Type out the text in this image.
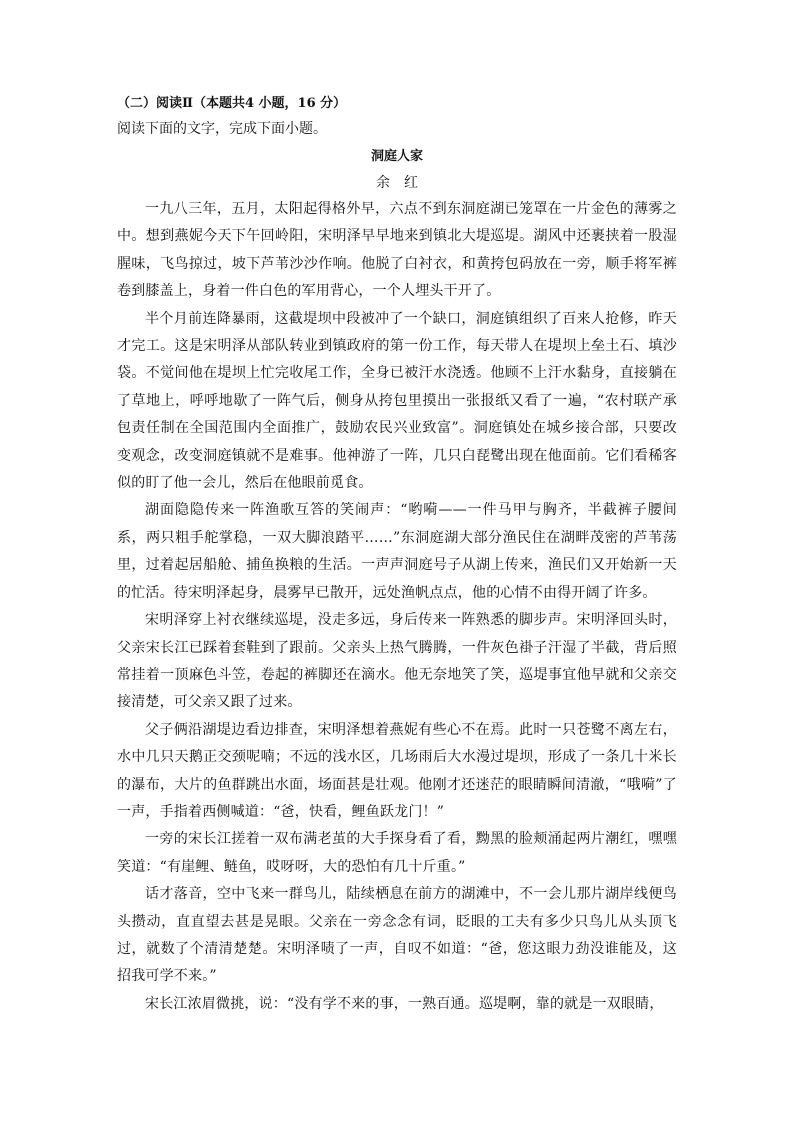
（二）阅读Ⅱ（本题共4 小题，16 分）
阅读下面的文字，完成下面小题。
洞庭人家
余红

一九八三年，五月，太阳起得格外早，六点不到东洞庭湖已笼罩在一片金色的薄雾之中。想到燕妮今天下午回岭阳，宋明泽早早地来到镇北大堤巡堤。湖风中还裹挟着一股湿腥味，飞鸟掠过，坡下芦苇沙沙作响。他脱了白衬衣，和黄挎包码放在一旁，顺手将军裤卷到膝盖上，身着一件白色的军用背心，一个人埋头干开了。

半个月前连降暴雨，这截堤坝中段被冲了一个缺口，洞庭镇组织了百来人抢修，昨天才完工。这是宋明泽从部队转业到镇政府的第一份工作，每天带人在堤坝上垒土石、填沙袋。不觉间他在堤坝上忙完收尾工作，全身已被汗水浇透。他顾不上汗水黏身，直接躺在了草地上，呼呼地歇了一阵气后，侧身从挎包里摸出一张报纸又看了一遍，“农村联产承包责任制在全国范围内全面推广，鼓励农民兴业致富”。洞庭镇处在城乡接合部，只要改变观念，改变洞庭镇就不是难事。他神游了一阵，几只白琵鹭出现在他面前。它们看稀客似的盯了他一会儿，然后在他眼前觅食。

湖面隐隐传来一阵渔歌互答的笑闹声：“哟嗬——一件马甲与胸齐，半截裤子腰间系，两只粗手舵掌稳，一双大脚浪踏平……”东洞庭湖大部分渔民住在湖畔茂密的芦苇荡里，过着起居船舱、捕鱼换粮的生活。一声声洞庭号子从湖上传来，渔民们又开始新一天的忙活。待宋明泽起身，晨雾早已散开，远处渔帆点点，他的心情不由得开阔了许多。

宋明泽穿上衬衣继续巡堤，没走多远，身后传来一阵熟悉的脚步声。宋明泽回头时，父亲宋长江已踩着套鞋到了跟前。父亲头上热气腾腾，一件灰色褂子汗湿了半截，背后照常挂着一顶麻色斗笠，卷起的裤脚还在滴水。他无奈地笑了笑，巡堤事宜他早就和父亲交接清楚，可父亲又跟了过来。

父子俩沿湖堤边看边排查，宋明泽想着燕妮有些心不在焉。此时一只苍鹭不离左右，水中几只天鹅正交颈呢喃；不远的浅水区，几场雨后大水漫过堤坝，形成了一条几十米长的瀑布，大片的鱼群跳出水面，场面甚是壮观。他刚才还迷茫的眼睛瞬间清澈，“哦嗬”了一声，手指着西侧喊道：“爸，快看，鲤鱼跃龙门！”

一旁的宋长江搓着一双布满老茧的大手探身看了看，黝黑的脸颊涌起两片潮红，嘿嘿笑道：“有崖鲤、鲢鱼，哎呀呀，大的恐怕有几十斤重。”

话才落音，空中飞来一群鸟儿，陆续栖息在前方的湖滩中，不一会儿那片湖岸线便鸟头攒动，直直望去甚是晃眼。父亲在一旁念念有词，眨眼的工夫有多少只鸟儿从头顶飞过，就数了个清清楚楚。宋明泽啧了一声，自叹不如道：“爸，您这眼力劲没谁能及，这招我可学不来。”

宋长江浓眉微挑，说：“没有学不来的事，一熟百通。巡堤啊，靠的就是一双眼睛，
